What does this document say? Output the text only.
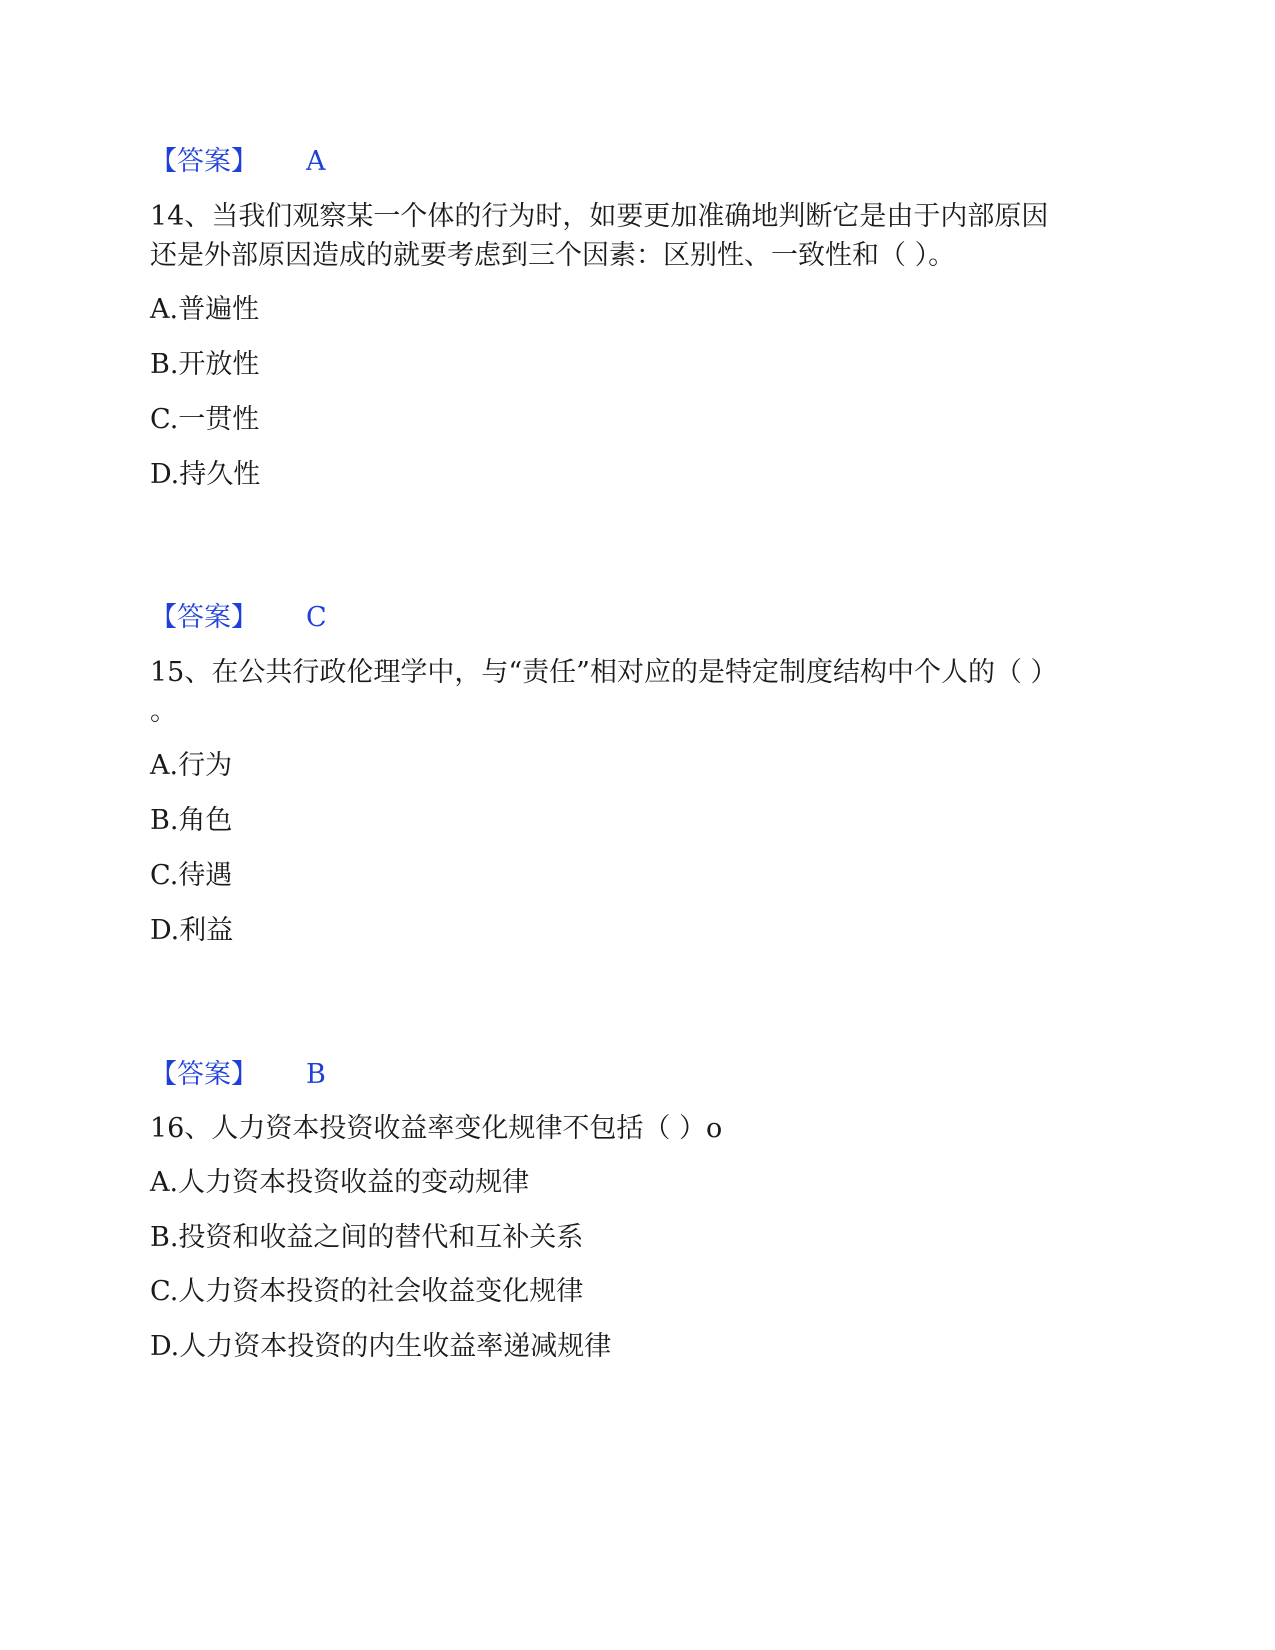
【答案】 A
14、当我们观察某一个体的行为时，如要更加准确地判断它是由于内部原因
还是外部原因造成的就要考虑到三个因素：区别性、一致性和（ ）。
A.普遍性
B.开放性
C.一贯性
D.持久性
【答案】 C
15、在公共行政伦理学中，与“责任”相对应的是特定制度结构中个人的（ ）
。
A.行为
B.角色
C.待遇
D.利益
【答案】 B
16、人力资本投资收益率变化规律不包括（ ）o
A.人力资本投资收益的变动规律
B.投资和收益之间的替代和互补关系
C.人力资本投资的社会收益变化规律
D.人力资本投资的内生收益率递减规律
